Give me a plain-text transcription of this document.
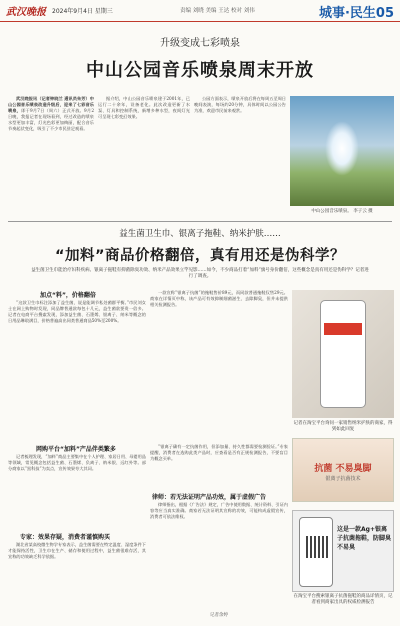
武汉晚报 2024年9月4日 星期三	责编 刘晓 美编 王达 校对 刘伟	城事·民生05
升级变成七彩喷泉
中山公园音乐喷泉周末开放

武汉晚报讯（记者钟晓兰 通讯员朱芳）中山公园音乐喷泉改造升级后，迎来了七彩音乐喷泉，即于9月7日（周六）正式开放。9月2日晚，我报记者在现场看到，经过改造的喷泉水型更加丰富，灯光色彩更加绚丽，配合音乐节奏起伏变化，吸引了不少市民驻足观看。

据介绍，中山公园音乐喷泉建于2001年，已运行二十余年，设备老化。此次改造更新了水泵、灯具和控制系统，新增多种水型，夜间灯光可呈现七彩变幻效果。

公园方面表示，喷泉开放后将在每周五至周日晚间表演，每场约20分钟，具体时间以公园公告为准，欢迎市民前来观赏。

中山公园音乐喷泉。 李子云 摄
益生菌卫生巾、银离子拖鞋、纳米护肤……
“加料”商品价格翻倍，真有用还是伪科学？
益生菌卫生巾能治疗妇科疾病、银离子拖鞋有抑菌除臭功效、纳米产品效果立竿见影……如今，不少商品打着“加料”旗号身价翻倍，这些概念是真有用还是伪科学？记者进行了调查。
加点“料”，价格翻倍

“这款卫生巾标注添加了益生菌，说是能调节私处菌群平衡。”市民刘女士在网上购物时发现，同品牌普通款每包十几元，益生菌款要贵一倍多。记者在电商平台搜索发现，添加益生菌、石墨烯、银离子、纳米等概念的日用品琳琅满目，价格普遍高出同类普通商品50%至200%。

一款宣称“银离子抗菌”的拖鞋售价89元，而同款普通拖鞋仅售29元。商家在详情页中称，该产品可有效抑制细菌滋生、去除脚臭，但并未提供相关检测报告。

网购平台“加料”产品伴类繁多

记者梳理发现，“加料”商品主要集中在个人护理、家居日用、母婴用品等领域，常见概念包括益生菌、石墨烯、负离子、纳米银、远红外等。部分商家以“黑科技”为卖点，宣传效果夸大其词。

专家：效果存疑，消费者谨慎购买

湖北省某高校微生物学专家表示，益生菌需要在特定温度、湿度条件下才能保持活性，卫生巾在生产、储存和使用过程中，益生菌很难存活，其宣称的功效缺乏科学依据。

“银离子确有一定抗菌作用，但添加量、持久性都需要检测验证。”专家提醒，消费者在选购此类产品时，应查看是否有正规检测报告，不要盲目为概念买单。

律师：若无法证明产品功效，属于虚假广告

律师指出，根据《广告法》规定，广告中使用数据、统计资料、引证内容等应当真实准确。商家若无法证明其宣称的功效，可能构成虚假宣传，消费者可依法维权。

记者在淘宝平台询问一家销售纳米护肤的商家，得到如此回复
抗菌 不易臭脚
银离子抗菌技术
这是一款Ag+银离子抗菌拖鞋，防脚臭不易臭
在淘宝平台搜索银离子抗菌拖鞋的商品详情页，记者看到商家出具的权威检测报告
记者余婷
